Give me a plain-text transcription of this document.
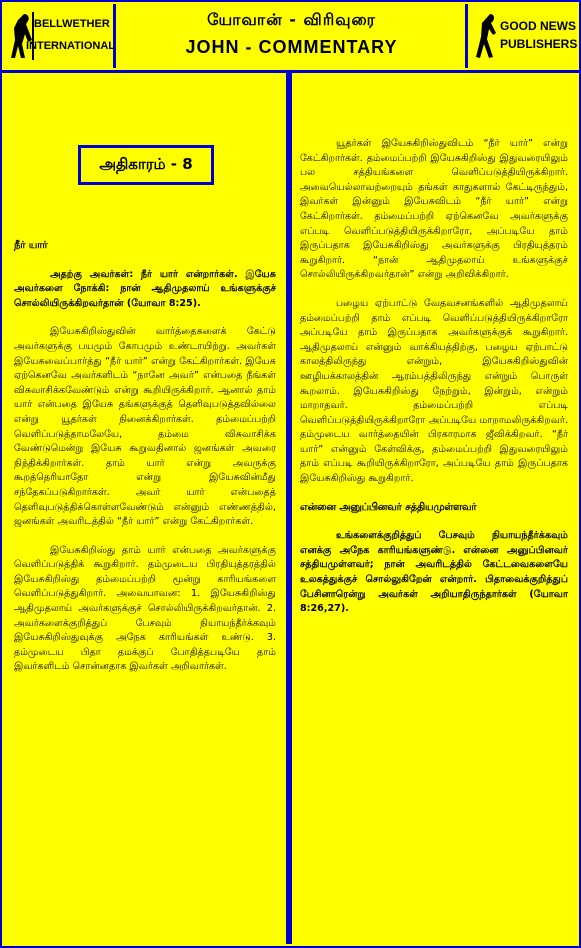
BELLWETHER
INTERNATIONAL
யோவான் - விரிவுரை
JOHN - COMMENTARY
GOOD NEWS
PUBLISHERS
அதிகாரம் - 8

நீர் யார்

அதற்கு அவர்கள்: நீர் யார் என்றார்கள். இயேசு அவர்களை நோக்கி: நான் ஆதிமுதலாய் உங்களுக்குச் சொல்லியிருக்கிறவர்தான் (யோவா 8:25).

இயேசுகிறிஸ்துவின் வார்த்தைகளைக் கேட்டு அவர்களுக்கு பயமும் கோபமும் உண்டாயிற்று. அவர்கள் இயேசுவைப்பார்த்து “நீர் யார்” என்று கேட்கிறார்கள். இயேசு ஏற்கெனவே அவர்களிடம் “நானே அவர்” என்பதை நீங்கள் விசுவாசிக்கவேண்டும் என்று கூறியிருக்கிறார். ஆனால் தாம் யார் என்பதை இயேசு தங்களுக்குத் தெளிவுபடுத்தவில்லை என்று யூதர்கள் நினைக்கிறார்கள். தம்மைப்பற்றி வெளிப்படுத்தாமலேயே, தம்மை விசுவாசிக்க வேண்டுமென்று இயேசு கூறுவதினால் ஜனங்கள் அவரை நிந்திக்கிறார்கள். தாம் யார் என்று அவருக்கு கூறத்தெரியாதோ என்று இயேசுவின்மீது சந்தேகப்படுகிறார்கள். அவர் யார் என்பதைத் தெளிவுபடுத்திக்கொள்ளவேண்டும் என்னும் எண்ணத்தில், ஜனங்கள் அவரிடத்தில் “நீர் யார்” என்று கேட்கிறார்கள்.

இயேசுகிறிஸ்து தாம் யார் என்பதை அவர்களுக்கு வெளிப்படுத்திக் கூறுகிறார். தம்முடைய பிரதியுத்தரத்தில் இயேசுகிறிஸ்து தம்மைப்பற்றி மூன்று காரியங்களை வெளிப்படுத்துகிறார். அவையாவன: 1. இயேசுகிறிஸ்து ஆதிமுதலாய் அவர்களுக்குச் சொல்லியிருக்கிறவர்தான். 2. அவர்களைக்குறித்துப் பேசவும் நியாயந்தீர்க்கவும் இயேசுகிறிஸ்துவுக்கு அநேக காரியங்கள் உண்டு. 3. தம்முடைய பிதா தமக்குப் போதித்தபடியே தாம் இவர்களிடம் சொன்னதாக இவர்கள் அறிவார்கள்.

யூதர்கள் இயேசுகிறிஸ்துவிடம் “நீர் யார்” என்று கேட்கிறார்கள். தம்மைப்பற்றி இயேசுகிறிஸ்து இதுவரையிலும் பல சத்தியங்களை வெளிப்படுத்தியிருக்கிறார். அவையெல்லாவற்றையும் தங்கள் காதுகளால் கேட்டிருந்தும், இவர்கள் இன்னும் இயேசுவிடம் “நீர் யார்” என்று கேட்கிறார்கள். தம்மைப்பற்றி ஏற்கெனவே அவர்களுக்கு எப்படி வெளிப்படுத்தியிருக்கிறாரோ, அப்படியே தாம் இருப்பதாக இயேசுகிறிஸ்து அவர்களுக்கு பிரதியுத்தரம் கூறுகிறார். “நான் ஆதிமுதலாய் உங்களுக்குச் சொல்லியிருக்கிறவர்தான்” என்று அறிவிக்கிறார்.

பழைய ஏற்பாட்டு வேதவசனங்களில் ஆதிமுதலாய் தம்மைப்பற்றி தாம் எப்படி வெளிப்படுத்தியிருக்கிறாரோ அப்படியே தாம் இருப்பதாக அவர்களுக்குக் கூறுகிறார். ஆதிமுதலாய் என்னும் வாக்கியத்திற்கு, பழைய ஏற்பாட்டு காலத்திலிருந்து என்றும், இயேசுகிறிஸ்துவின் ஊழியக்காலத்தின் ஆரம்பத்திலிருந்து என்றும் பொருள் கூறலாம். இயேசுகிறிஸ்து நேற்றும், இன்றும், என்றும் மாறாதவர். தம்மைப்பற்றி எப்படி வெளிப்படுத்தியிருக்கிறாரோ அப்படியே மாறாமலிருக்கிறவர். தம்முடைய வார்த்தையின் பிரகாரமாக ஜீவிக்கிறவர். “நீர் யார்” என்னும் கேள்விக்கு, தம்மைப்பற்றி இதுவரையிலும் தாம் எப்படி கூறியிருக்கிறாரோ, அப்படியே தாம் இருப்பதாக இயேசுகிறிஸ்து கூறுகிறார்.

என்னை அனுப்பினவர் சத்தியமுள்ளவர்

உங்களைக்குறித்துப் பேசவும் நியாயந்தீர்க்கவும் எனக்கு அநேக காரியங்களுண்டு. என்னை அனுப்பினவர் சத்தியமுள்ளவர்; நான் அவரிடத்தில் கேட்டவைகளையே உலகத்துக்குச் சொல்லுகிறேன் என்றார். பிதாவைக்குறித்துப் பேசினாரென்று அவர்கள் அறியாதிருந்தார்கள் (யோவா 8:26,27).
